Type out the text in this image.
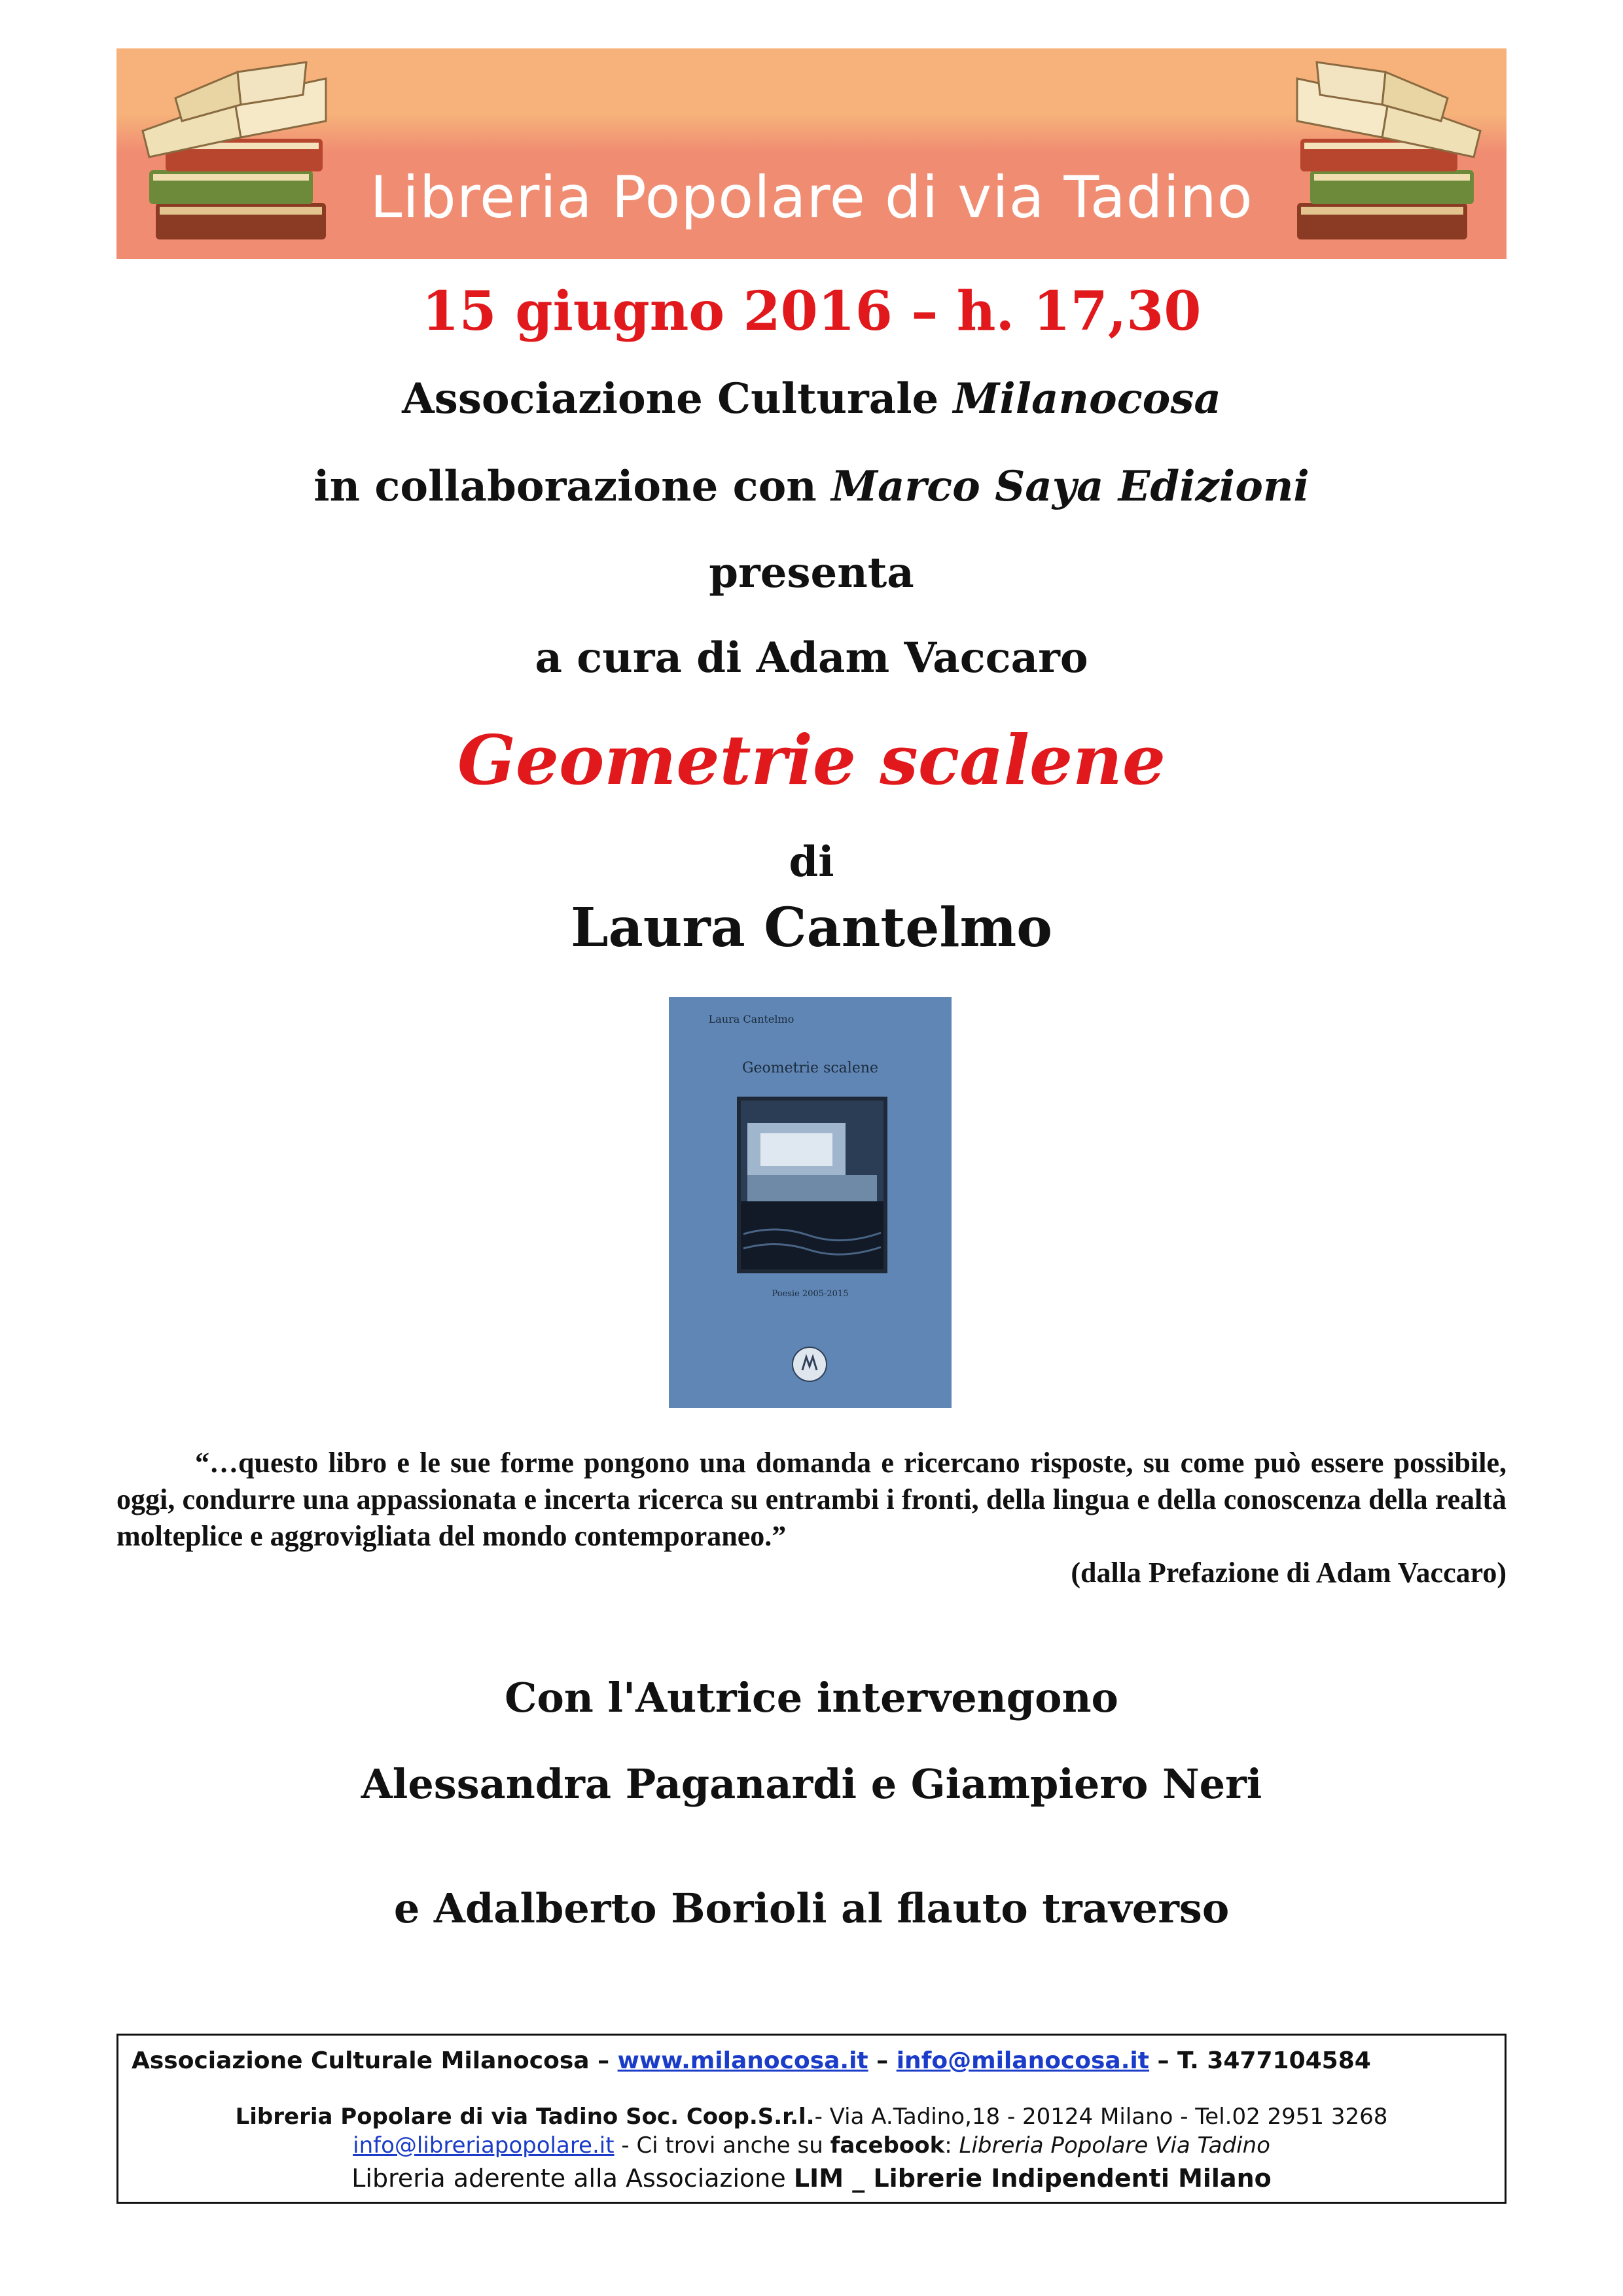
Libreria Popolare di via Tadino
15 giugno 2016 – h. 17,30
Associazione Culturale Milanocosa
in collaborazione con Marco Saya Edizioni
presenta
a cura di Adam Vaccaro
Geometrie scalene
di
Laura Cantelmo
Laura Cantelmo
Geometrie scalene
Poesie 2005-2015

“…questo libro e le sue forme pongono una domanda e ricercano risposte, su come può essere possibile, oggi, condurre una appassionata e incerta ricerca su entrambi i fronti, della lingua e della conoscenza della realtà molteplice e aggrovigliata del mondo contemporaneo.”

(dalla Prefazione di Adam Vaccaro)
Con l'Autrice intervengono
Alessandra Paganardi e Giampiero Neri
e Adalberto Borioli al flauto traverso
Associazione Culturale Milanocosa – www.milanocosa.it – info@milanocosa.it – T. 3477104584
Libreria Popolare di via Tadino Soc. Coop.S.r.l.- Via A.Tadino,18 - 20124 Milano - Tel.02 2951 3268
info@libreriapopolare.it - Ci trovi anche su facebook: Libreria Popolare Via Tadino
Libreria aderente alla Associazione LIM _ Librerie Indipendenti Milano
